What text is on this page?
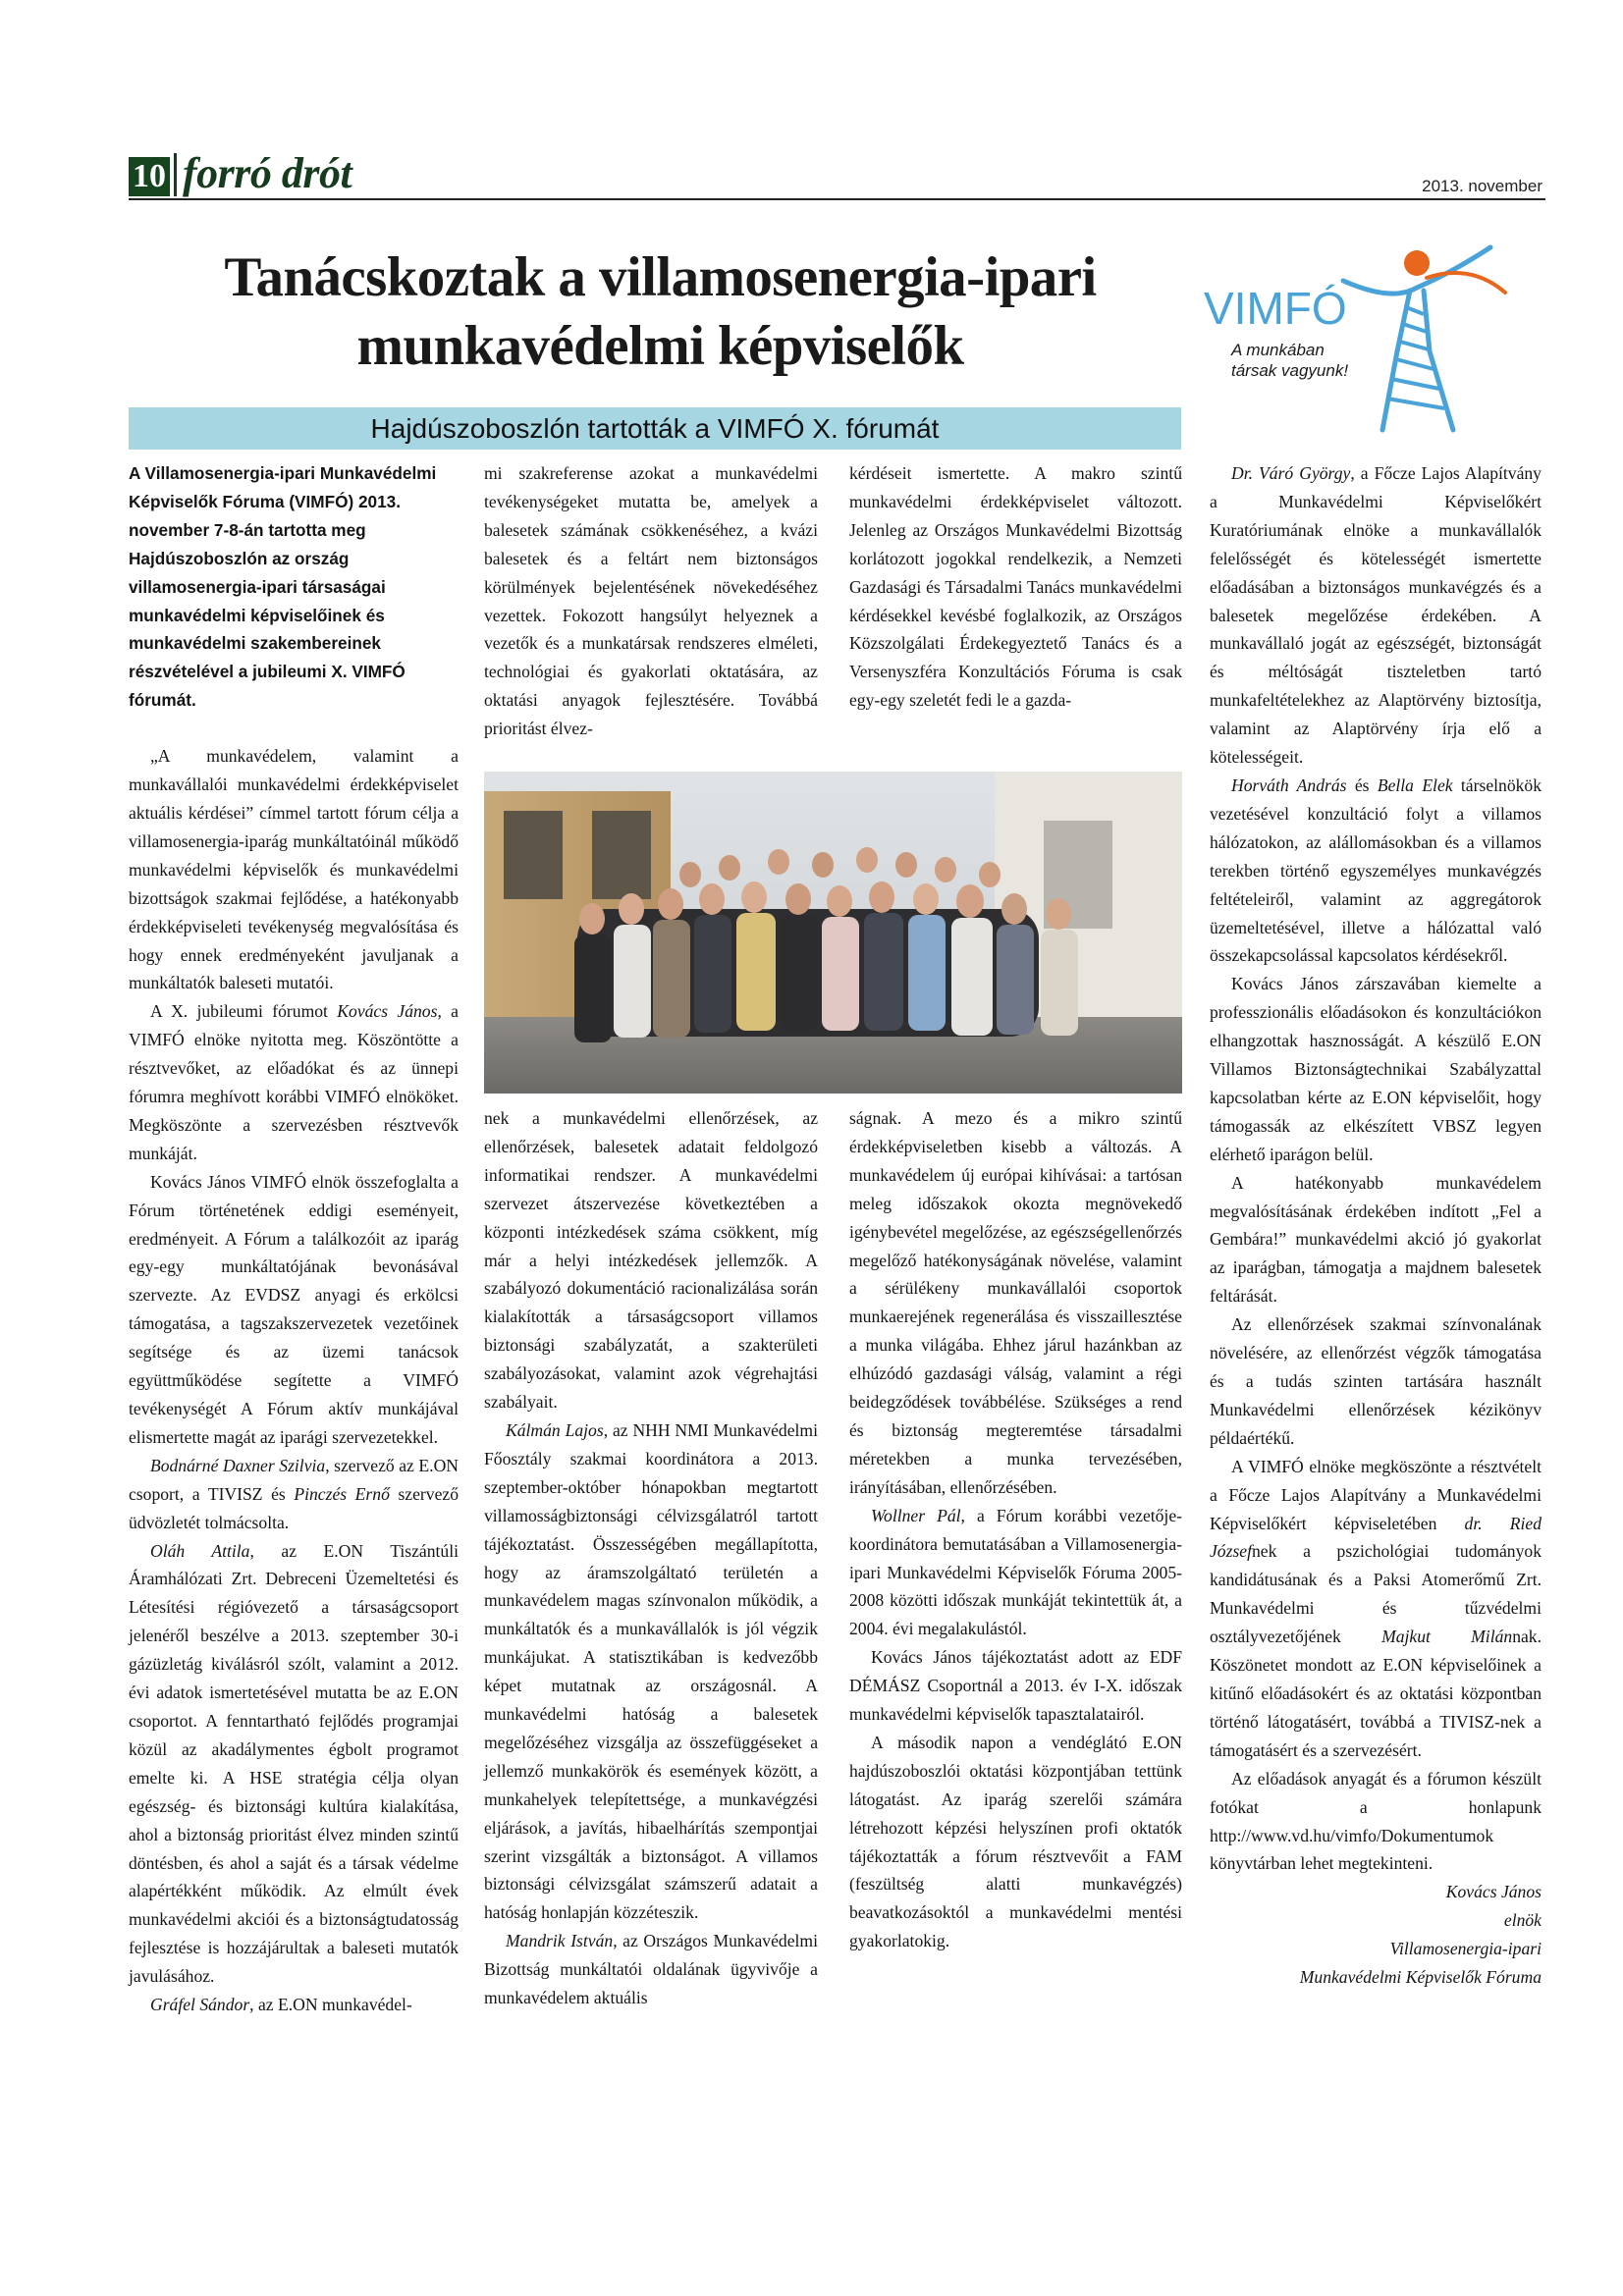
10 forró drót	2013. november
Tanácskoztak a villamosenergia-ipari
munkavédelmi képviselők
Hajdúszoboszlón tartották a VIMFÓ X. fórumát
VIMFÓ
A munkában
társak vagyunk!

A Villamosenergia-ipari Munkavédelmi Képviselők Fóruma (VIMFÓ) 2013. november 7-8-án tartotta meg Hajdúszoboszlón az ország villamosenergia-ipari társaságai munkavédelmi képviselőinek és munkavédelmi szakembereinek részvételével a jubileumi X. VIMFÓ fórumát.

„A munkavédelem, valamint a munkavállalói munkavédelmi érdekképviselet aktuális kérdései” címmel tartott fórum célja a villamosenergia-iparág munkáltatóinál működő munkavédelmi képviselők és munkavédelmi bizottságok szakmai fejlődése, a hatékonyabb érdekképviseleti tevékenység megvalósítása és hogy ennek eredményeként javuljanak a munkáltatók baleseti mutatói.

A X. jubileumi fórumot Kovács János, a VIMFÓ elnöke nyitotta meg. Köszöntötte a résztvevőket, az előadókat és az ünnepi fórumra meghívott korábbi VIMFÓ elnököket. Megköszönte a szervezésben résztvevők munkáját.

Kovács János VIMFÓ elnök összefoglalta a Fórum történetének eddigi eseményeit, eredményeit. A Fórum a találkozóit az iparág egy-egy munkáltatójának bevonásával szervezte. Az EVDSZ anyagi és erkölcsi támogatása, a tagszakszervezetek vezetőinek segítsége és az üzemi tanácsok együttműködése segítette a VIMFÓ tevékenységét A Fórum aktív munkájával elismertette magát az iparági szervezetekkel.

Bodnárné Daxner Szilvia, szervező az E.ON csoport, a TIVISZ és Pinczés Ernő szervező üdvözletét tolmácsolta.

Oláh Attila, az E.ON Tiszántúli Áramhálózati Zrt. Debreceni Üzemeltetési és Létesítési régióvezető a társaságcsoport jelenéről beszélve a 2013. szeptember 30-i gázüzletág kiválásról szólt, valamint a 2012. évi adatok ismertetésével mutatta be az E.ON csoportot. A fenntartható fejlődés programjai közül az akadálymentes égbolt programot emelte ki. A HSE stratégia célja olyan egészség- és biztonsági kultúra kialakítása, ahol a biztonság prioritást élvez minden szintű döntésben, és ahol a saját és a társak védelme alapértékként működik. Az elmúlt évek munkavédelmi akciói és a biztonságtudatosság fejlesztése is hozzájárultak a baleseti mutatók javulásához.

Gráfel Sándor, az E.ON munkavédel-

mi szakreferense azokat a munkavédelmi tevékenységeket mutatta be, amelyek a balesetek számának csökkenéséhez, a kvázi balesetek és a feltárt nem biztonságos körülmények bejelentésének növekedéséhez vezettek. Fokozott hangsúlyt helyeznek a vezetők és a munkatársak rendszeres elméleti, technológiai és gyakorlati oktatására, az oktatási anyagok fejlesztésére. Továbbá prioritást élvez-

kérdéseit ismertette. A makro szintű munkavédelmi érdekképviselet változott. Jelenleg az Országos Munkavédelmi Bizottság korlátozott jogokkal rendelkezik, a Nemzeti Gazdasági és Társadalmi Tanács munkavédelmi kérdésekkel kevésbé foglalkozik, az Országos Közszolgálati Érdekegyeztető Tanács és a Versenyszféra Konzultációs Fóruma is csak egy-egy szeletét fedi le a gazda-

nek a munkavédelmi ellenőrzések, az ellenőrzések, balesetek adatait feldolgozó informatikai rendszer. A munkavédelmi szervezet átszervezése következtében a központi intézkedések száma csökkent, míg már a helyi intézkedések jellemzők. A szabályozó dokumentáció racionalizálása során kialakították a társaságcsoport villamos biztonsági szabályzatát, a szakterületi szabályozásokat, valamint azok végrehajtási szabályait.

Kálmán Lajos, az NHH NMI Munkavédelmi Főosztály szakmai koordinátora a 2013. szeptember-október hónapokban megtartott villamosságbiztonsági célvizsgálatról tartott tájékoztatást. Összességében megállapította, hogy az áramszolgáltató területén a munkavédelem magas színvonalon működik, a munkáltatók és a munkavállalók is jól végzik munkájukat. A statisztikában is kedvezőbb képet mutatnak az országosnál. A munkavédelmi hatóság a balesetek megelőzéséhez vizsgálja az összefüggéseket a jellemző munkakörök és események között, a munkahelyek telepítettsége, a munkavégzési eljárások, a javítás, hibaelhárítás szempontjai szerint vizsgálták a biztonságot. A villamos biztonsági célvizsgálat számszerű adatait a hatóság honlapján közzéteszik.

Mandrik István, az Országos Munkavédelmi Bizottság munkáltatói oldalának ügyvivője a munkavédelem aktuális

ságnak. A mezo és a mikro szintű érdekképviseletben kisebb a változás. A munkavédelem új európai kihívásai: a tartósan meleg időszakok okozta megnövekedő igénybevétel megelőzése, az egészségellenőrzés megelőző hatékonyságának növelése, valamint a sérülékeny munkavállalói csoportok munkaerejének regenerálása és visszaillesztése a munka világába. Ehhez járul hazánkban az elhúzódó gazdasági válság, valamint a régi beidegződések továbbélése. Szükséges a rend és biztonság megteremtése társadalmi méretekben a munka tervezésében, irányításában, ellenőrzésében.

Wollner Pál, a Fórum korábbi vezetője-koordinátora bemutatásában a Villamosenergia-ipari Munkavédelmi Képviselők Fóruma 2005-2008 közötti időszak munkáját tekintettük át, a 2004. évi megalakulástól.

Kovács János tájékoztatást adott az EDF DÉMÁSZ Csoportnál a 2013. év I-X. időszak munkavédelmi képviselők tapasztalatairól.

A második napon a vendéglátó E.ON hajdúszoboszlói oktatási központjában tettünk látogatást. Az iparág szerelői számára létrehozott képzési helyszínen profi oktatók tájékoztatták a fórum résztvevőit a FAM (feszültség alatti munkavégzés) beavatkozásoktól a munkavédelmi mentési gyakorlatokig.

Dr. Váró György, a Főcze Lajos Alapítvány a Munkavédelmi Képviselőkért Kuratóriumának elnöke a munkavállalók felelősségét és kötelességét ismertette előadásában a biztonságos munkavégzés és a balesetek megelőzése érdekében. A munkavállaló jogát az egészségét, biztonságát és méltóságát tiszteletben tartó munkafeltételekhez az Alaptörvény biztosítja, valamint az Alaptörvény írja elő a kötelességeit.

Horváth András és Bella Elek társelnökök vezetésével konzultáció folyt a villamos hálózatokon, az alállomásokban és a villamos terekben történő egyszemélyes munkavégzés feltételeiről, valamint az aggregátorok üzemeltetésével, illetve a hálózattal való összekapcsolással kapcsolatos kérdésekről.

Kovács János zárszavában kiemelte a professzionális előadásokon és konzultációkon elhangzottak hasznosságát. A készülő E.ON Villamos Biztonságtechnikai Szabályzattal kapcsolatban kérte az E.ON képviselőit, hogy támogassák az elkészített VBSZ legyen elérhető iparágon belül.

A hatékonyabb munkavédelem megvalósításának érdekében indított „Fel a Gembára!” munkavédelmi akció jó gyakorlat az iparágban, támogatja a majdnem balesetek feltárását.

Az ellenőrzések szakmai színvonalának növelésére, az ellenőrzést végzők támogatása és a tudás szinten tartására használt Munkavédelmi ellenőrzések kézikönyv példaértékű.

A VIMFÓ elnöke megköszönte a résztvételt a Főcze Lajos Alapítvány a Munkavédelmi Képviselőkért képviseletében dr. Ried Józsefnek a pszichológiai tudományok kandidátusának és a Paksi Atomerőmű Zrt. Munkavédelmi és tűzvédelmi osztályvezetőjének Majkut Milánnak. Köszönetet mondott az E.ON képviselőinek a kitűnő előadásokért és az oktatási központban történő látogatásért, továbbá a TIVISZ-nek a támogatásért és a szervezésért.

Az előadások anyagát és a fórumon készült fotókat a honlapunk http://www.vd.hu/vimfo/Dokumentumok könyvtárban lehet megtekinteni.

Kovács János

elnök

Villamosenergia-ipari

Munkavédelmi Képviselők Fóruma
